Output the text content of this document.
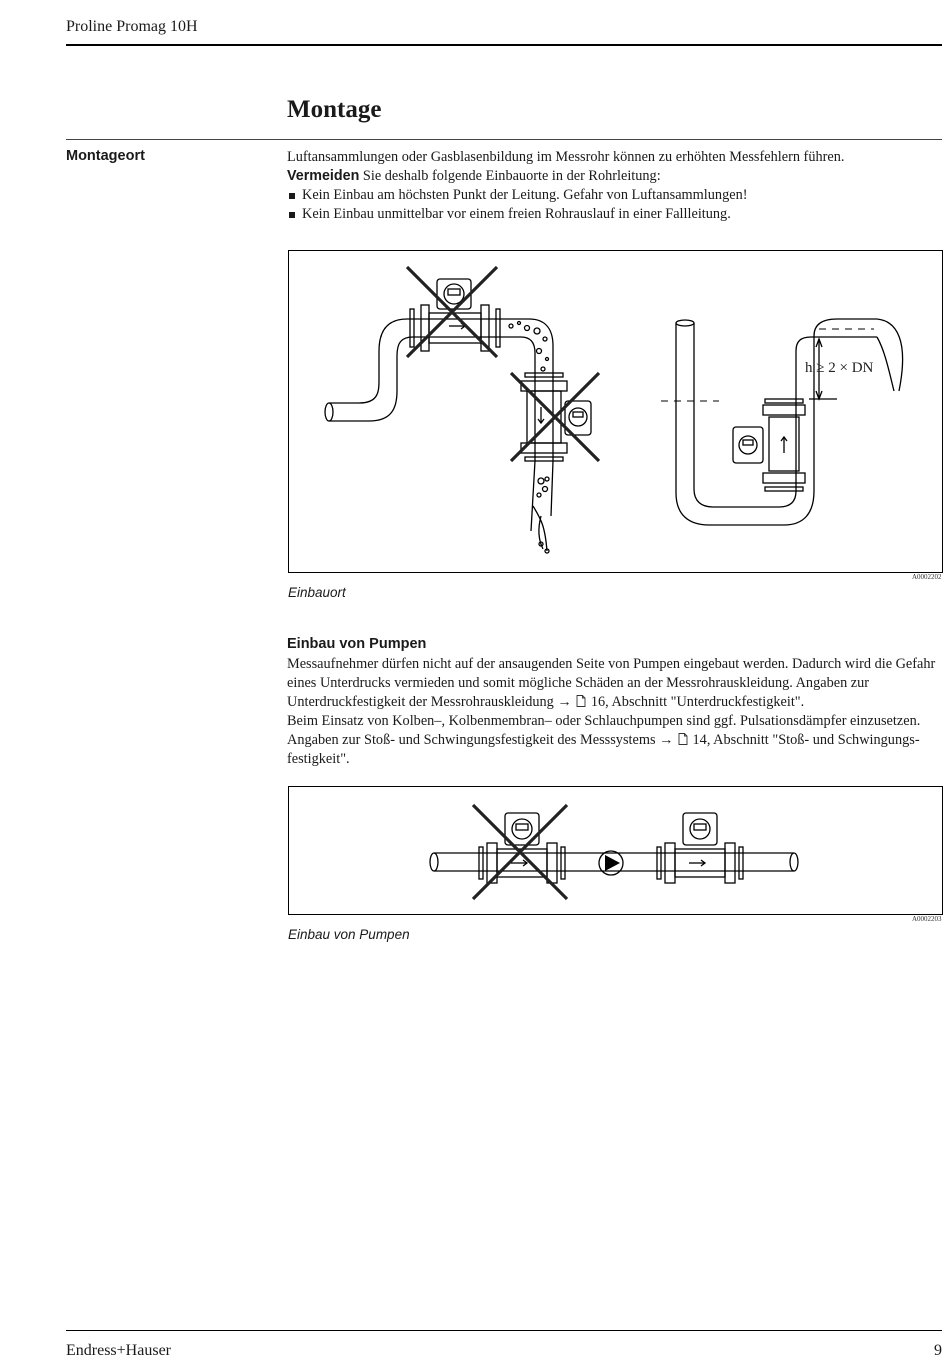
Proline Promag 10H
Montage
Montageort	Luftansammlungen oder Gasblasenbildung im Messrohr können zu erhöhten Messfehlern führen.

Vermeiden Sie deshalb folgende Einbauorte in der Rohrleitung:

Kein Einbau am höchsten Punkt der Leitung. Gefahr von Luftansammlungen!
Kein Einbau unmittelbar vor einem freien Rohrauslauf in einer Fallleitung.
h ≥ 2 × DN
A0002202
Einbauort
Einbau von Pumpen

Messaufnehmer dürfen nicht auf der ansaugenden Seite von Pumpen eingebaut werden. Dadurch wird die Gefahr eines Unterdrucks vermieden und somit mögliche Schäden an der Messrohrauskleidung. Angaben zur Unterdruckfestigkeit der Messrohrauskleidung →  16, Abschnitt "Unterdruckfestigkeit".

Beim Einsatz von Kolben–, Kolbenmembran– oder Schlauchpumpen sind ggf. Pulsationsdämpfer einzusetzen. Angaben zur Stoß- und Schwingungsfestigkeit des Messsystems →  14, Abschnitt "Stoß- und Schwingungs-festigkeit".

A0002203
Einbau von Pumpen
Endress+Hauser	9
